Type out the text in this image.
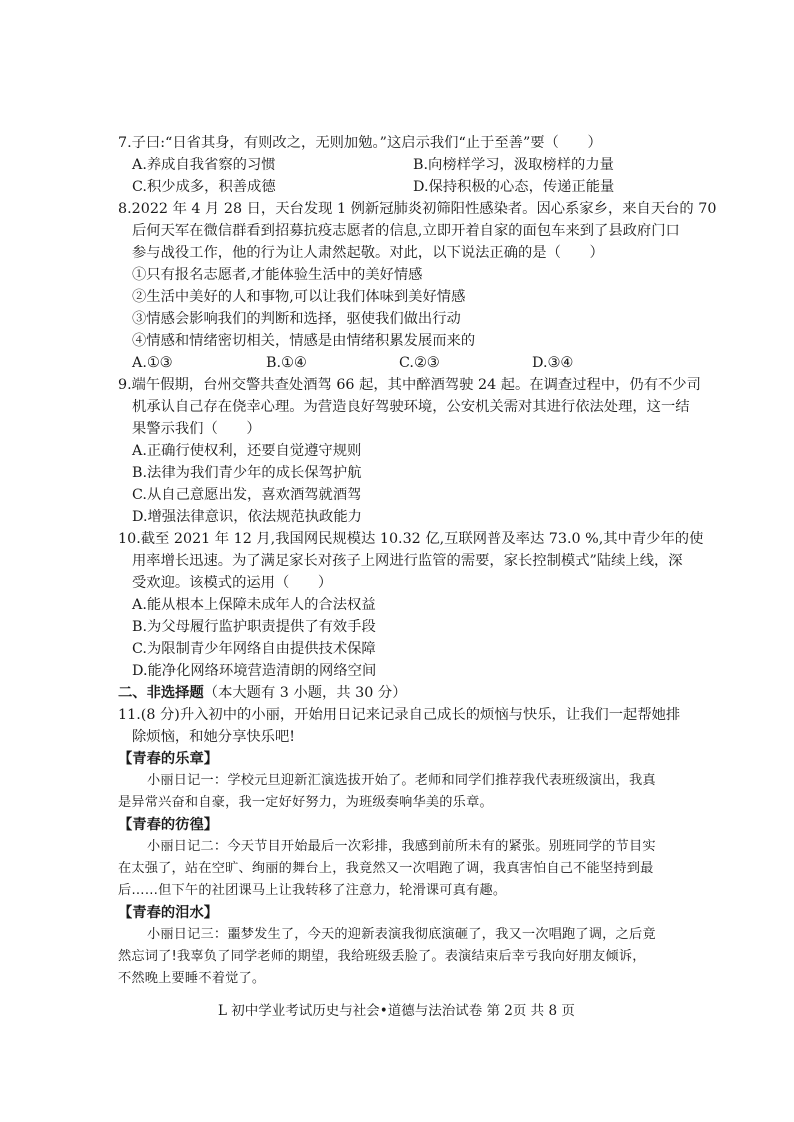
7.子曰:“日省其身，有则改之，无则加勉。”这启示我们“止于至善”要（　　）
A.养成自我省察的习惯	B.向榜样学习，汲取榜样的力量
C.积少成多，积善成德	D.保持积极的心态，传递正能量
8.2022 年 4 月 28 日，天台发现 1 例新冠肺炎初筛阳性感染者。因心系家乡，来自天台的 70
后何天军在微信群看到招募抗疫志愿者的信息,立即开着自家的面包车来到了县政府门口
参与战役工作，他的行为让人肃然起敬。对此，以下说法正确的是（　　）
①只有报名志愿者,才能体验生活中的美好情感
②生活中美好的人和事物,可以让我们体味到美好情感
③情感会影响我们的判断和选择，驱使我们做出行动
④情感和情绪密切相关，情感是由情绪积累发展而来的
A.①③	B.①④	C.②③	D.③④
9.端午假期，台州交警共查处酒驾 66 起，其中醉酒驾驶 24 起。在调查过程中，仍有不少司
机承认自己存在侥幸心理。为营造良好驾驶环境，公安机关需对其进行依法处理，这一结
果警示我们（　　）
A.正确行使权利，还要自觉遵守规则
B.法律为我们青少年的成长保驾护航
C.从自己意愿出发，喜欢酒驾就酒驾
D.增强法律意识，依法规范执政能力
10.截至 2021 年 12 月,我国网民规模达 10.32 亿,互联网普及率达 73.0 %,其中青少年的使
用率增长迅速。为了满足家长对孩子上网进行监管的需要，家长控制模式”陆续上线，深
受欢迎。该模式的运用（　　）
A.能从根本上保障未成年人的合法权益
B.为父母履行监护职责提供了有效手段
C.为限制青少年网络自由提供技术保障
D.能净化网络环境营造清朗的网络空间
二、非选择题（本大题有 3 小题，共 30 分）
11.(8 分)升入初中的小丽，开始用日记来记录自己成长的烦恼与快乐，让我们一起帮她排
除烦恼，和她分享快乐吧!
【青春的乐章】
小丽日记一：学校元旦迎新汇演选拔开始了。老师和同学们推荐我代表班级演出，我真
是异常兴奋和自豪，我一定好好努力，为班级奏响华美的乐章。
【青春的彷徨】
小丽日记二：今天节目开始最后一次彩排，我感到前所未有的紧张。别班同学的节目实
在太强了，站在空旷、绚丽的舞台上，我竟然又一次唱跑了调，我真害怕自己不能坚持到最
后……但下午的社团课马上让我转移了注意力，轮滑课可真有趣。
【青春的泪水】
小丽日记三：噩梦发生了，今天的迎新表演我彻底演砸了，我又一次唱跑了调，之后竟
然忘词了!我辜负了同学老师的期望，我给班级丢脸了。表演结束后幸亏我向好朋友倾诉，
不然晚上要睡不着觉了。
L 初中学业考试历史与社会•道德与法治试卷 第 2页 共 8 页
